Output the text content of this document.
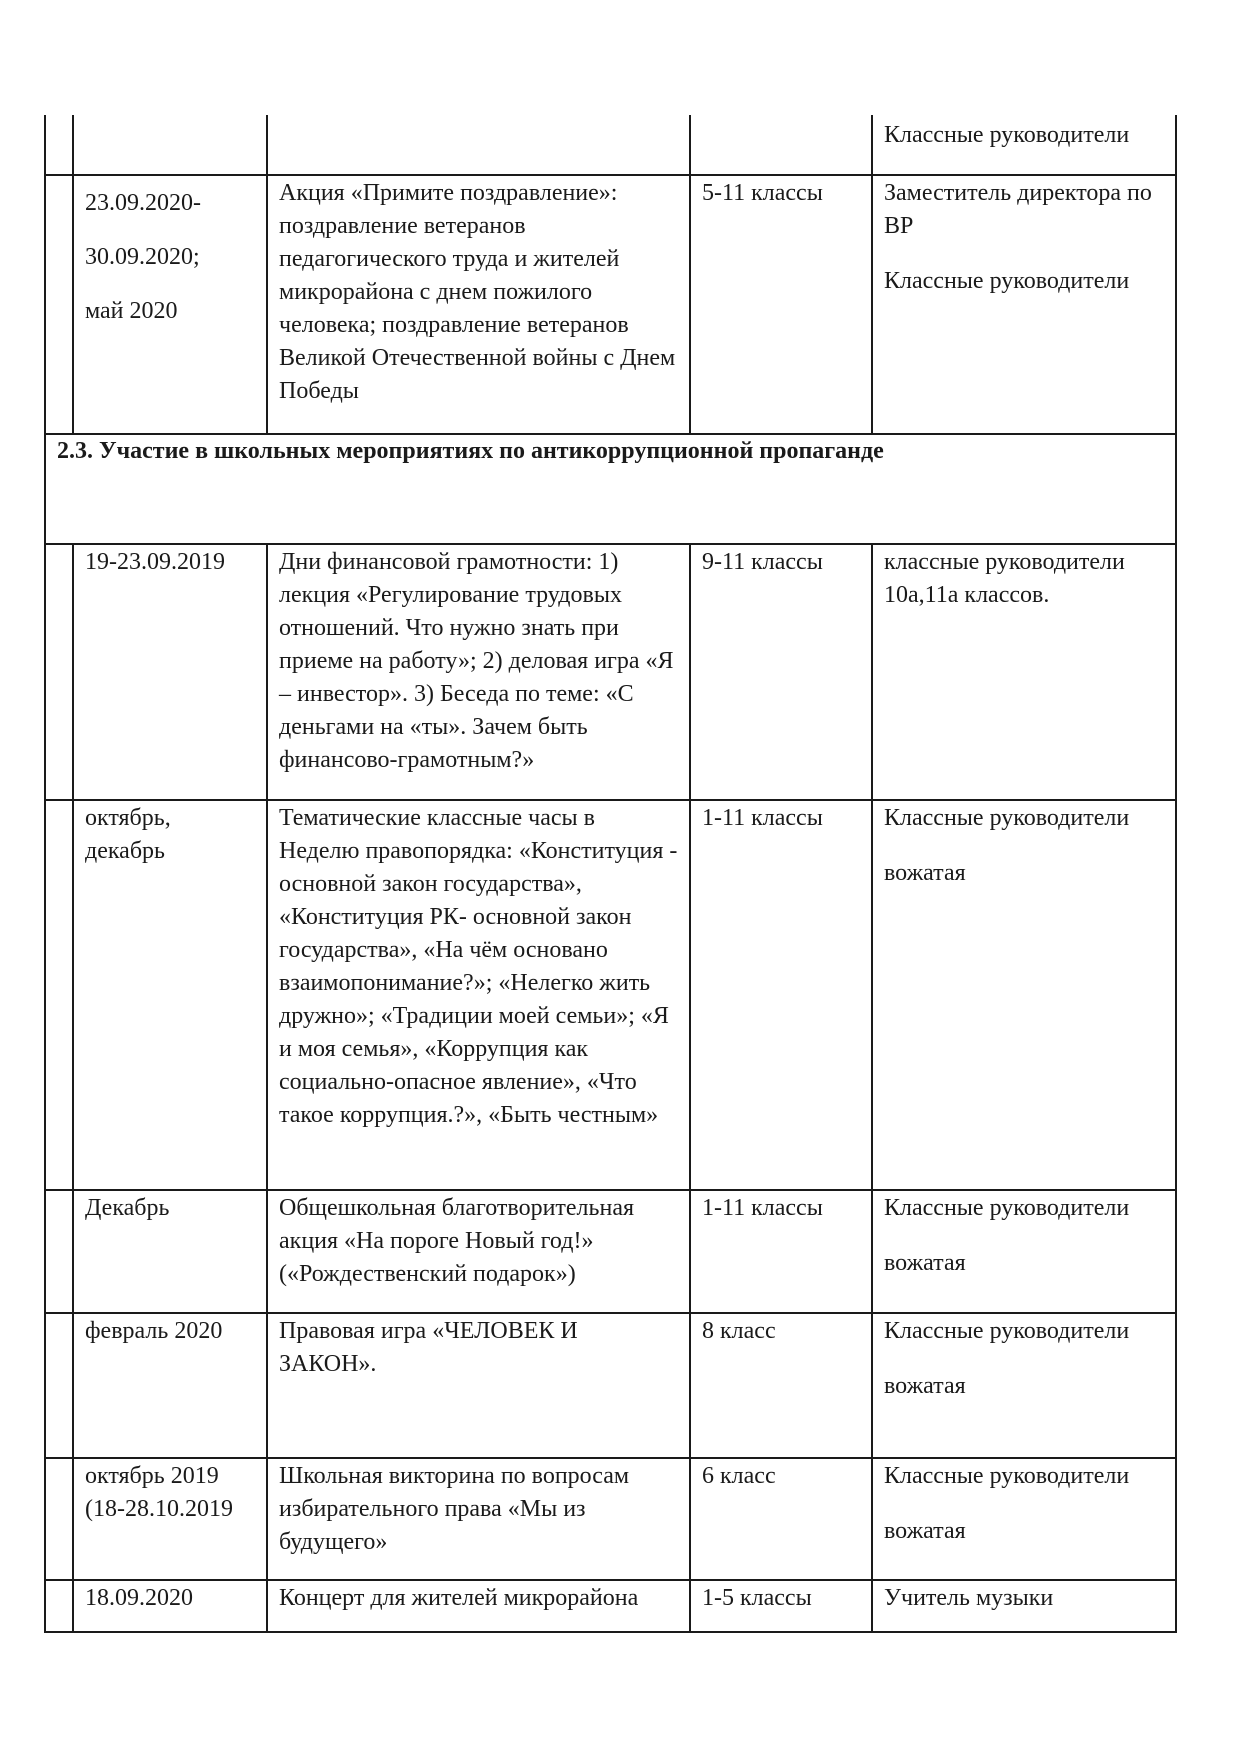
				Классные руководители

	23.09.2020-
30.09.2020;
май 2020	Акция «Примите поздравление»: поздравление ветеранов педагогического труда и жителей микрорайона с днем пожилого человека; поздравление ветеранов Великой Отечественной войны с Днем Победы	5-11 классы	Заместитель директора по ВР
Классные руководители

2.3. Участие в школьных мероприятиях по антикоррупционной пропаганде				
	19-23.09.2019	Дни финансовой грамотности: 1) лекция «Регулирование трудовых отношений. Что нужно знать при приеме на работу»; 2) деловая игра «Я – инвестор». 3) Беседа по теме: «С деньгами на «ты». Зачем быть финансово-грамотным?»	9-11 классы	классные руководители 10а,11а классов.

	октябрь, декабрь	Тематические классные часы в Неделю правопорядка: «Конституция - основной закон государства», «Конституция РК- основной закон государства», «На чём основано взаимопонимание?»; «Нелегко жить дружно»; «Традиции моей семьи»; «Я и моя семья», «Коррупция как социально-опасное явление», «Что такое коррупция.?», «Быть честным»	1-11 классы	Классные руководители
вожатая

	Декабрь	Общешкольная благотворительная акция «На пороге Новый год!» («Рождественский подарок»)	1-11 классы	Классные руководители
вожатая

	февраль 2020	Правовая игра «ЧЕЛОВЕК И ЗАКОН».	8 класс	Классные руководители
вожатая

	октябрь 2019 (18-28.10.2019	Школьная викторина по вопросам избирательного права «Мы из будущего»	6 класс	Классные руководители
вожатая

	18.09.2020	Концерт для жителей микрорайона	1-5 классы	Учитель музыки
